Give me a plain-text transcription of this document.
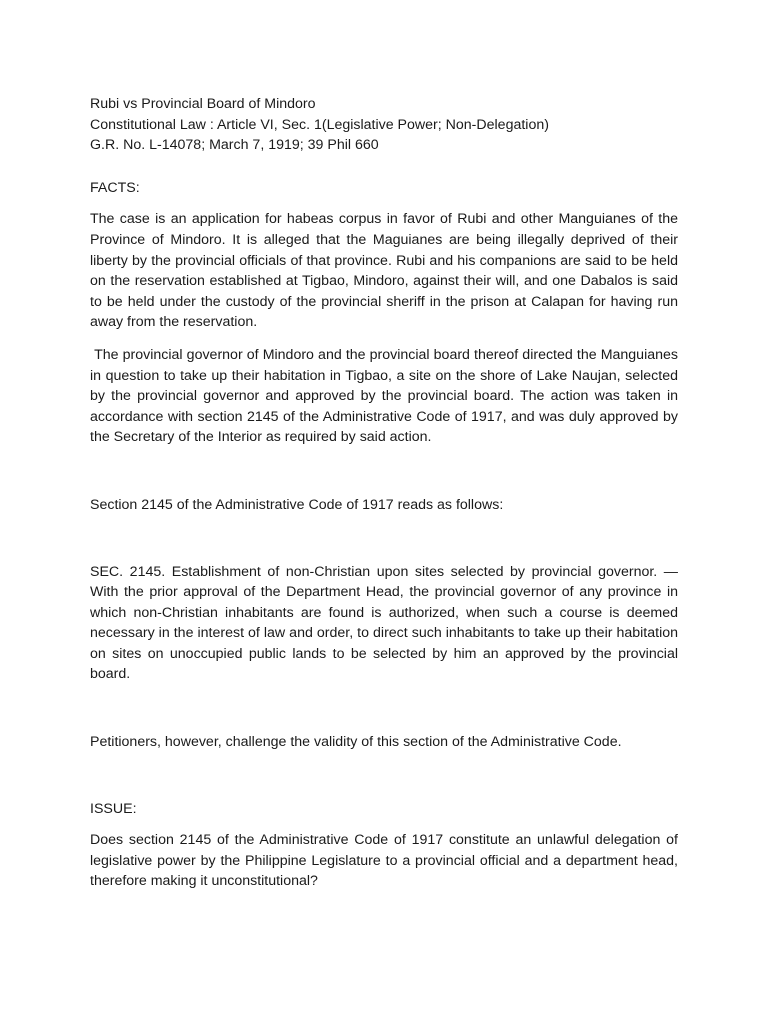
Rubi vs Provincial Board of Mindoro
Constitutional Law : Article VI, Sec. 1(Legislative Power; Non-Delegation)
G.R. No. L-14078; March 7, 1919; 39 Phil 660

FACTS:

The case is an application for habeas corpus in favor of Rubi and other Manguianes of the Province of Mindoro. It is alleged that the Maguianes are being illegally deprived of their liberty by the provincial officials of that province. Rubi and his companions are said to be held on the reservation established at Tigbao, Mindoro, against their will, and one Dabalos is said to be held under the custody of the provincial sheriff in the prison at Calapan for having run away from the reservation.

The provincial governor of Mindoro and the provincial board thereof directed the Manguianes in question to take up their habitation in Tigbao, a site on the shore of Lake Naujan, selected by the provincial governor and approved by the provincial board. The action was taken in accordance with section 2145 of the Administrative Code of 1917, and was duly approved by the Secretary of the Interior as required by said action.

Section 2145 of the Administrative Code of 1917 reads as follows:

SEC. 2145. Establishment of non-Christian upon sites selected by provincial governor. — With the prior approval of the Department Head, the provincial governor of any province in which non-Christian inhabitants are found is authorized, when such a course is deemed necessary in the interest of law and order, to direct such inhabitants to take up their habitation on sites on unoccupied public lands to be selected by him an approved by the provincial board.

Petitioners, however, challenge the validity of this section of the Administrative Code.

ISSUE:

Does section 2145 of the Administrative Code of 1917 constitute an unlawful delegation of legislative power by the Philippine Legislature to a provincial official and a department head, therefore making it unconstitutional?
